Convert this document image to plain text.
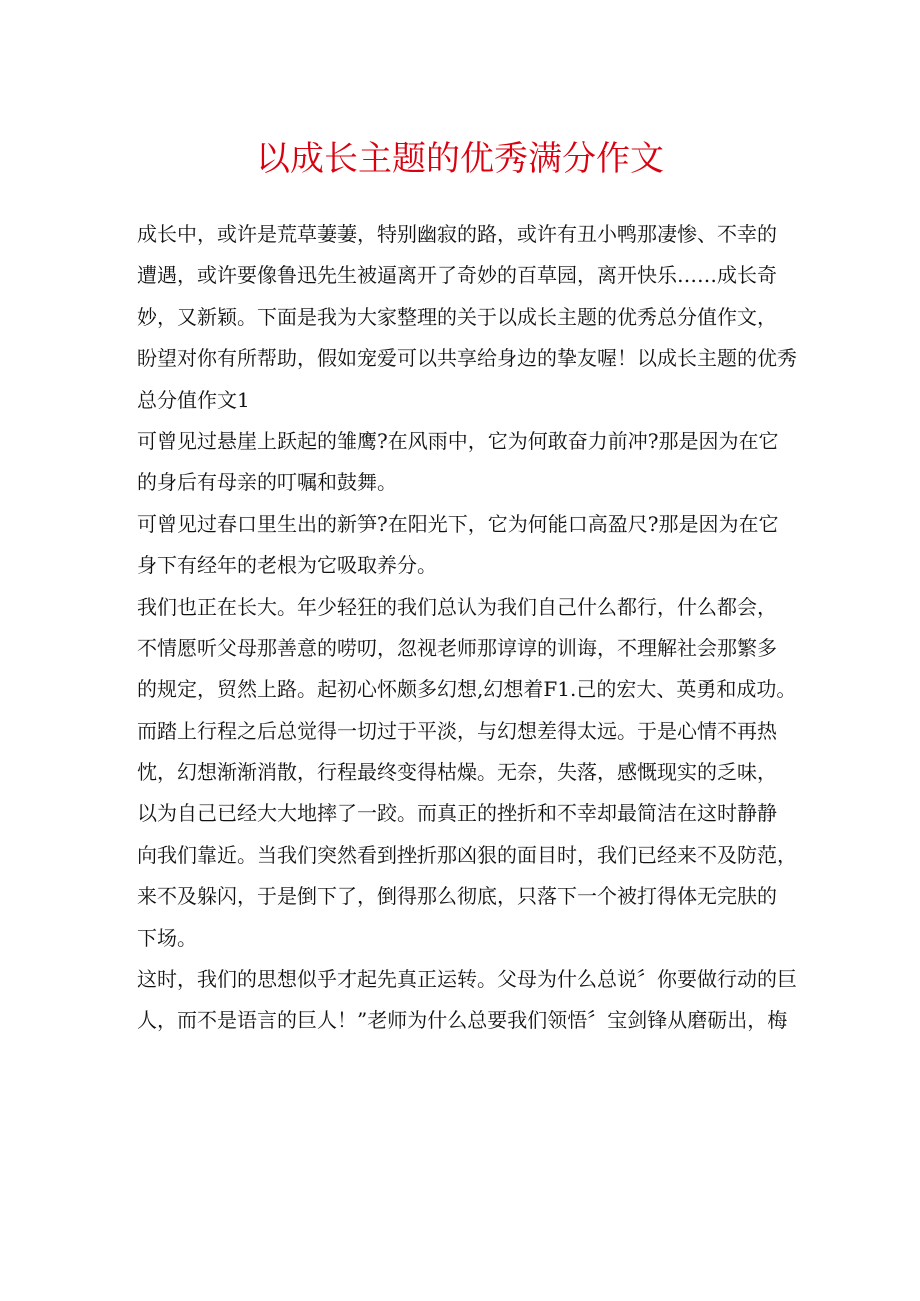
以成长主题的优秀满分作文
成长中，或许是荒草萋萋，特别幽寂的路，或许有丑小鸭那凄惨、不幸的
遭遇，或许要像鲁迅先生被逼离开了奇妙的百草园，离开快乐……成长奇
妙，又新颖。下面是我为大家整理的关于以成长主题的优秀总分值作文，
盼望对你有所帮助，假如宠爱可以共享给身边的挚友喔！以成长主题的优秀
总分值作文1
可曾见过悬崖上跃起的雏鹰?在风雨中，它为何敢奋力前冲?那是因为在它
的身后有母亲的叮嘱和鼓舞。
可曾见过春口里生出的新笋?在阳光下，它为何能口高盈尺?那是因为在它
身下有经年的老根为它吸取养分。
我们也正在长大。年少轻狂的我们总认为我们自己什么都行，什么都会，
不情愿听父母那善意的唠叨，忽视老师那谆谆的训诲，不理解社会那繁多
的规定，贸然上路。起初心怀颇多幻想,幻想着F1.己的宏大、英勇和成功。
而踏上行程之后总觉得一切过于平淡，与幻想差得太远。于是心情不再热
忱，幻想渐渐消散，行程最终变得枯燥。无奈，失落，感慨现实的乏味，
以为自己已经大大地摔了一跤。而真正的挫折和不幸却最简洁在这时静静
向我们靠近。当我们突然看到挫折那凶狠的面目时，我们已经来不及防范，
来不及躲闪，于是倒下了，倒得那么彻底，只落下一个被打得体无完肤的
下场。
这时，我们的思想似乎才起先真正运转。父母为什么总说〞你要做行动的巨
人，而不是语言的巨人！”老师为什么总要我们领悟〞宝剑锋从磨砺出，梅
